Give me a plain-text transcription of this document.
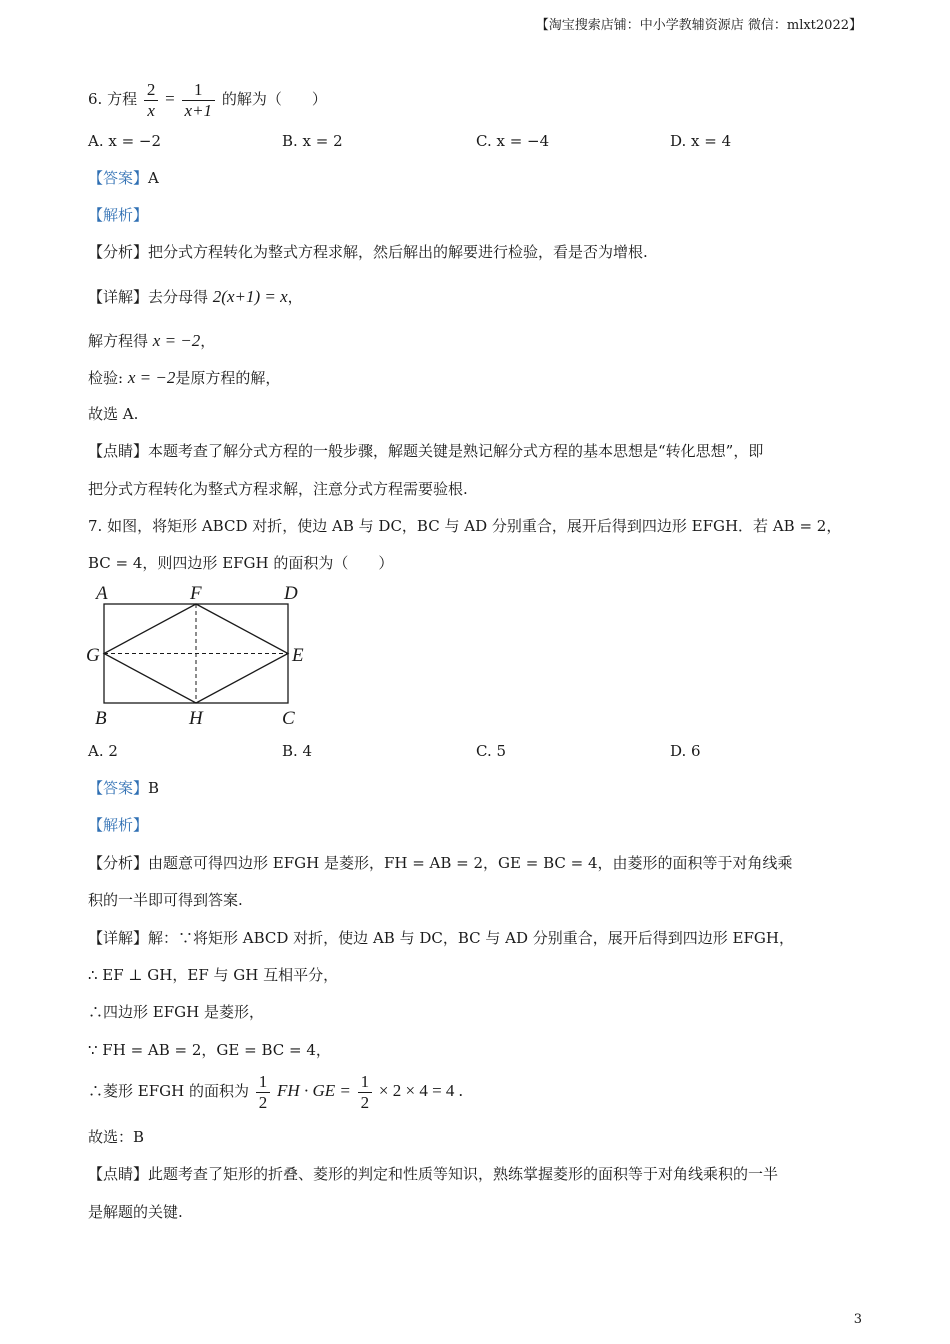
【淘宝搜索店铺：中小学教辅资源店 微信：mlxt2022】
6. 方程 $\frac{2}{x} = \frac{1}{x+1}$ 的解为（　　）
A. x = −2	B. x = 2	C. x = −4	D. x = 4
【答案】A
【解析】
【分析】把分式方程转化为整式方程求解，然后解出的解要进行检验，看是否为增根.
【详解】去分母得 2(x+1) = x，
解方程得 x = −2，
检验: x = −2是原方程的解，
故选 A.
【点睛】本题考查了解分式方程的一般步骤，解题关键是熟记解分式方程的基本思想是“转化思想”，即
把分式方程转化为整式方程求解，注意分式方程需要验根.
7. 如图，将矩形 ABCD 对折，使边 AB 与 DC，BC 与 AD 分别重合，展开后得到四边形 EFGH．若 AB = 2，
BC = 4，则四边形 EFGH 的面积为（　　）
A	F	D
G	E
B	H	C
A. 2	B. 4	C. 5	D. 6
【答案】B
【解析】
【分析】由题意可得四边形 EFGH 是菱形，FH = AB = 2，GE = BC = 4，由菱形的面积等于对角线乘
积的一半即可得到答案.
【详解】解：∵将矩形 ABCD 对折，使边 AB 与 DC，BC 与 AD 分别重合，展开后得到四边形 EFGH，
∴ EF ⊥ GH，EF 与 GH 互相平分，
∴四边形 EFGH 是菱形，
∵ FH = AB = 2，GE = BC = 4，
∴菱形 EFGH 的面积为 $\frac{1}{2}$ FH · GE = $\frac{1}{2} \times 2 \times 4 = 4$ .
故选：B
【点睛】此题考查了矩形的折叠、菱形的判定和性质等知识，熟练掌握菱形的面积等于对角线乘积的一半
是解题的关键.
3
